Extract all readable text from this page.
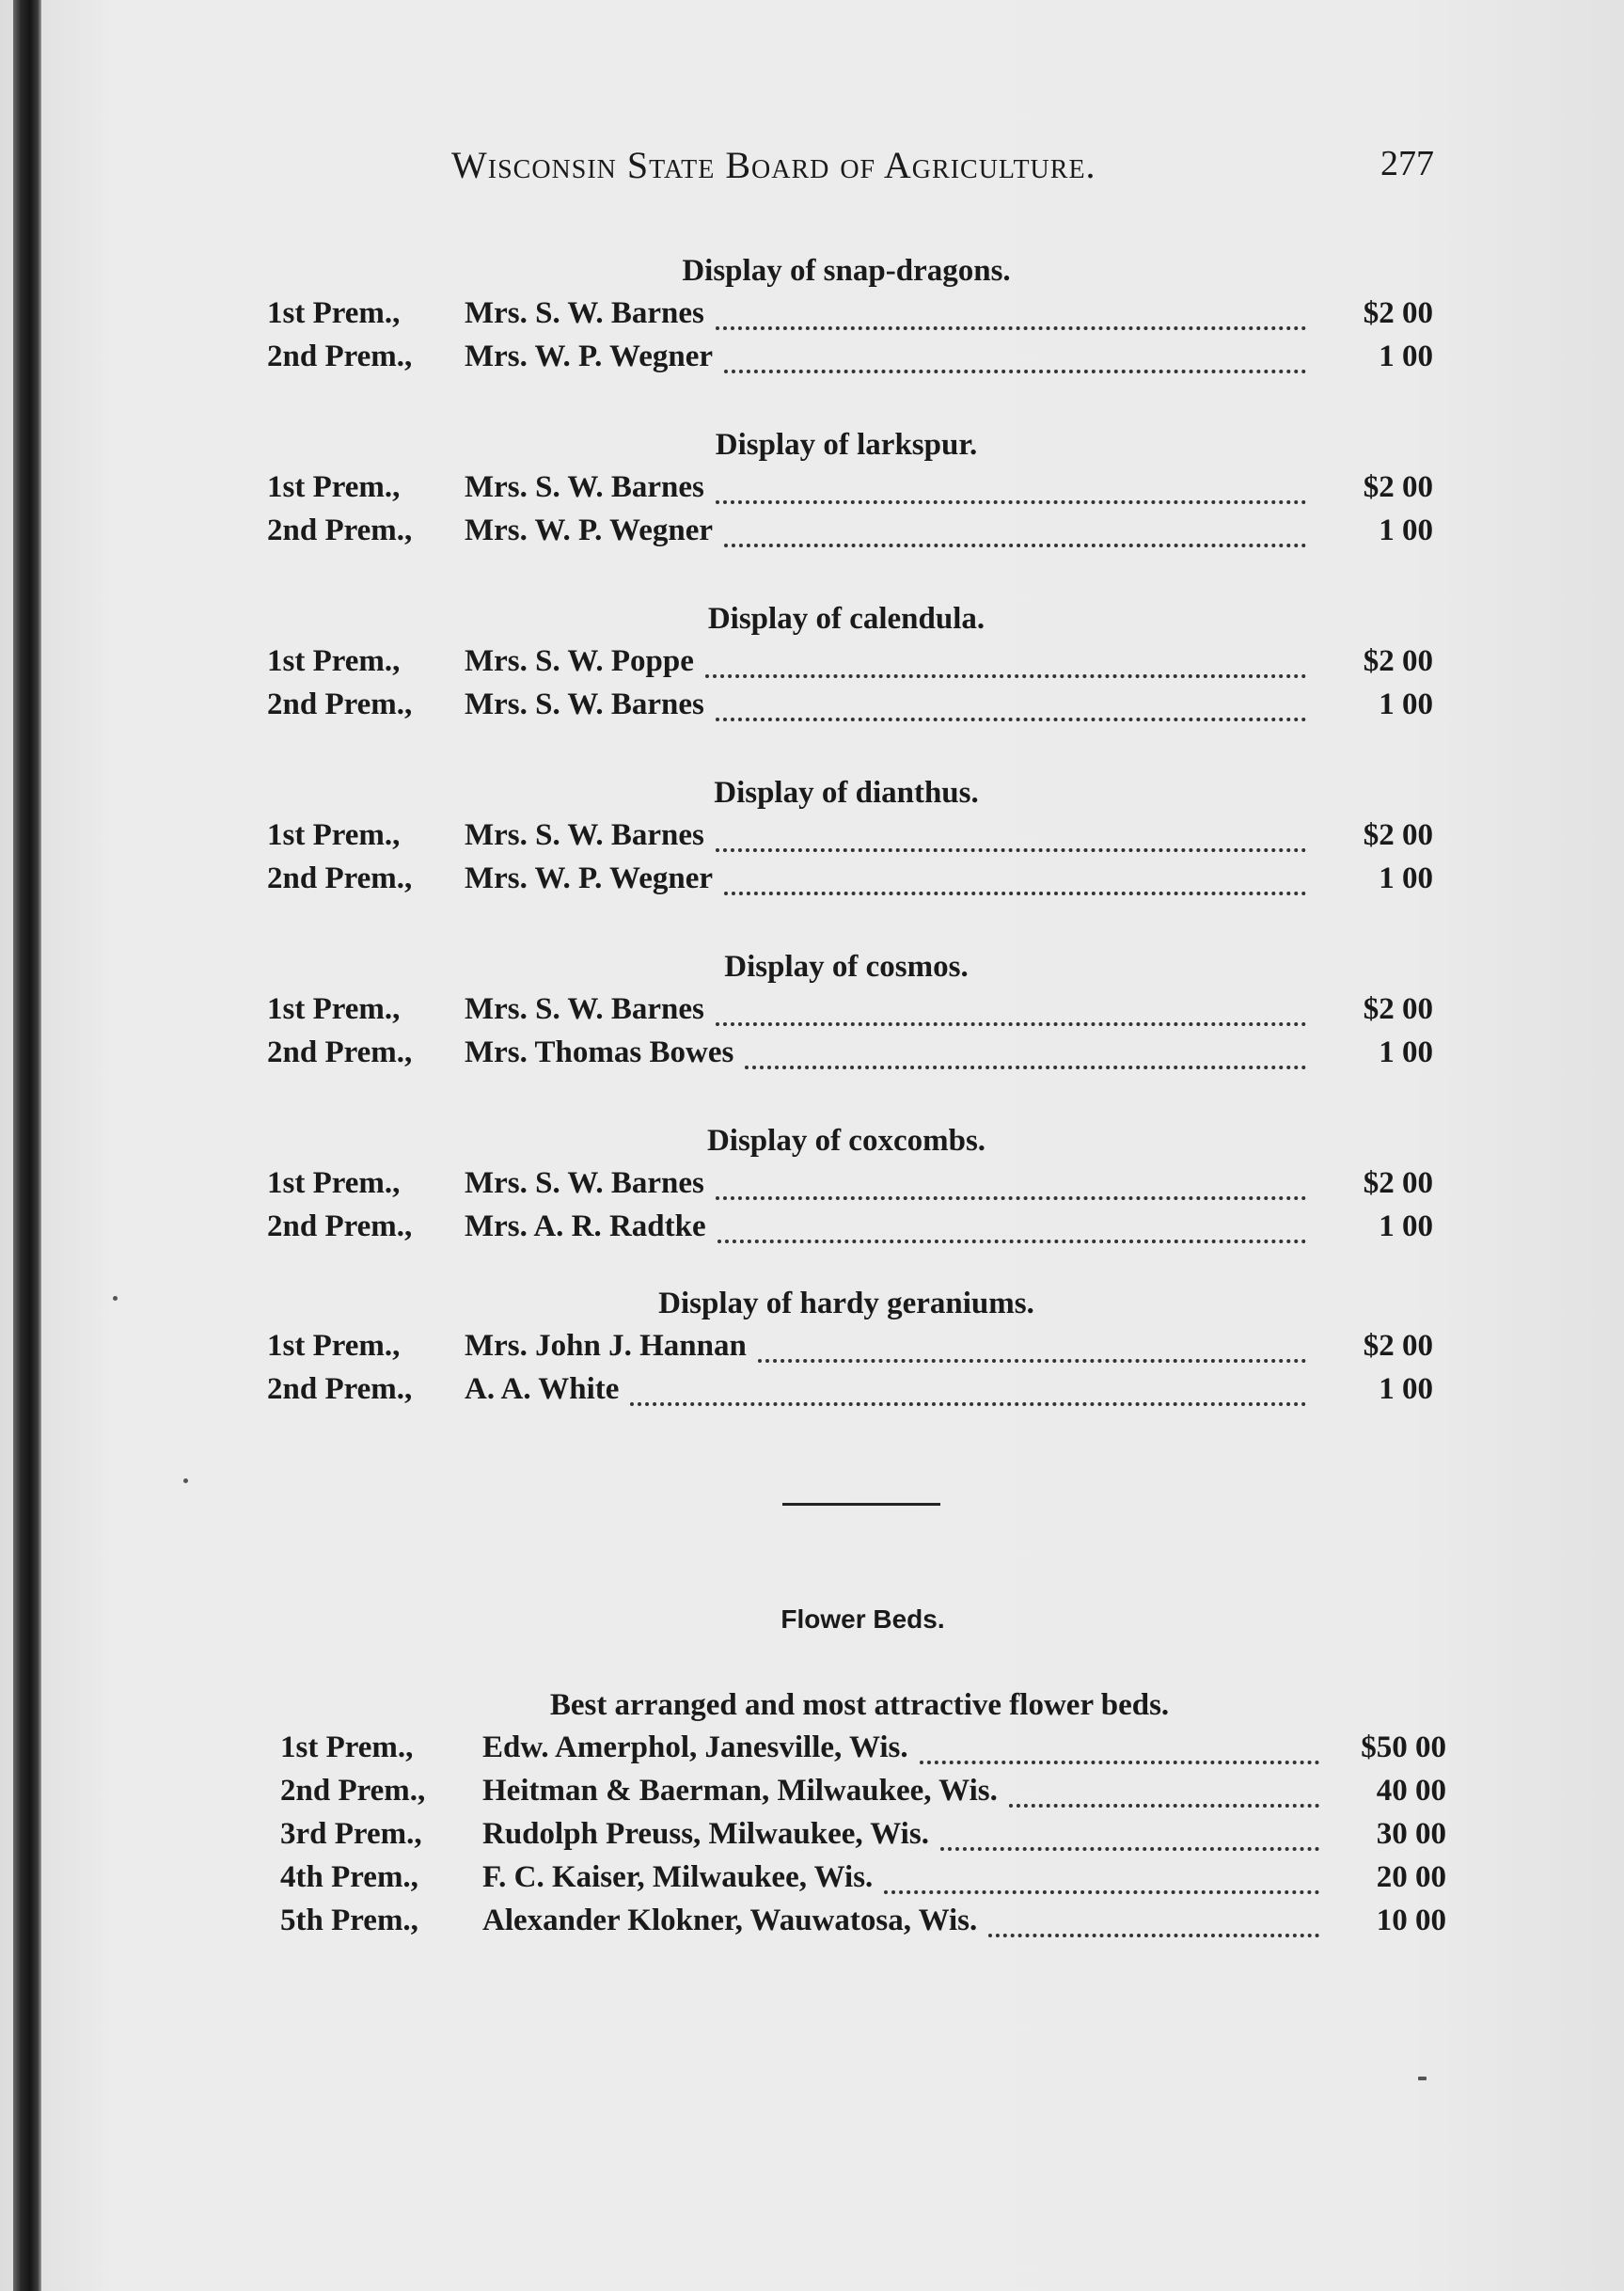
Wisconsin State Board of Agriculture.	277
Display of snap-dragons.
1st Prem., Mrs. S. W. Barnes	$2 00
2nd Prem., Mrs. W. P. Wegner	1 00
Display of larkspur.
1st Prem., Mrs. S. W. Barnes	$2 00
2nd Prem., Mrs. W. P. Wegner	1 00
Display of calendula.
1st Prem., Mrs. S. W. Poppe	$2 00
2nd Prem., Mrs. S. W. Barnes	1 00
Display of dianthus.
1st Prem., Mrs. S. W. Barnes	$2 00
2nd Prem., Mrs. W. P. Wegner	1 00
Display of cosmos.
1st Prem., Mrs. S. W. Barnes	$2 00
2nd Prem., Mrs. Thomas Bowes	1 00
Display of coxcombs.
1st Prem., Mrs. S. W. Barnes	$2 00
2nd Prem., Mrs. A. R. Radtke	1 00
Display of hardy geraniums.
1st Prem., Mrs. John J. Hannan	$2 00
2nd Prem., A. A. White	1 00
Flower Beds.
Best arranged and most attractive flower beds.
1st Prem., Edw. Amerphol, Janesville, Wis.	$50 00
2nd Prem., Heitman & Baerman, Milwaukee, Wis.	40 00
3rd Prem., Rudolph Preuss, Milwaukee, Wis.	30 00
4th Prem., F. C. Kaiser, Milwaukee, Wis.	20 00
5th Prem., Alexander Klokner, Wauwatosa, Wis.	10 00
